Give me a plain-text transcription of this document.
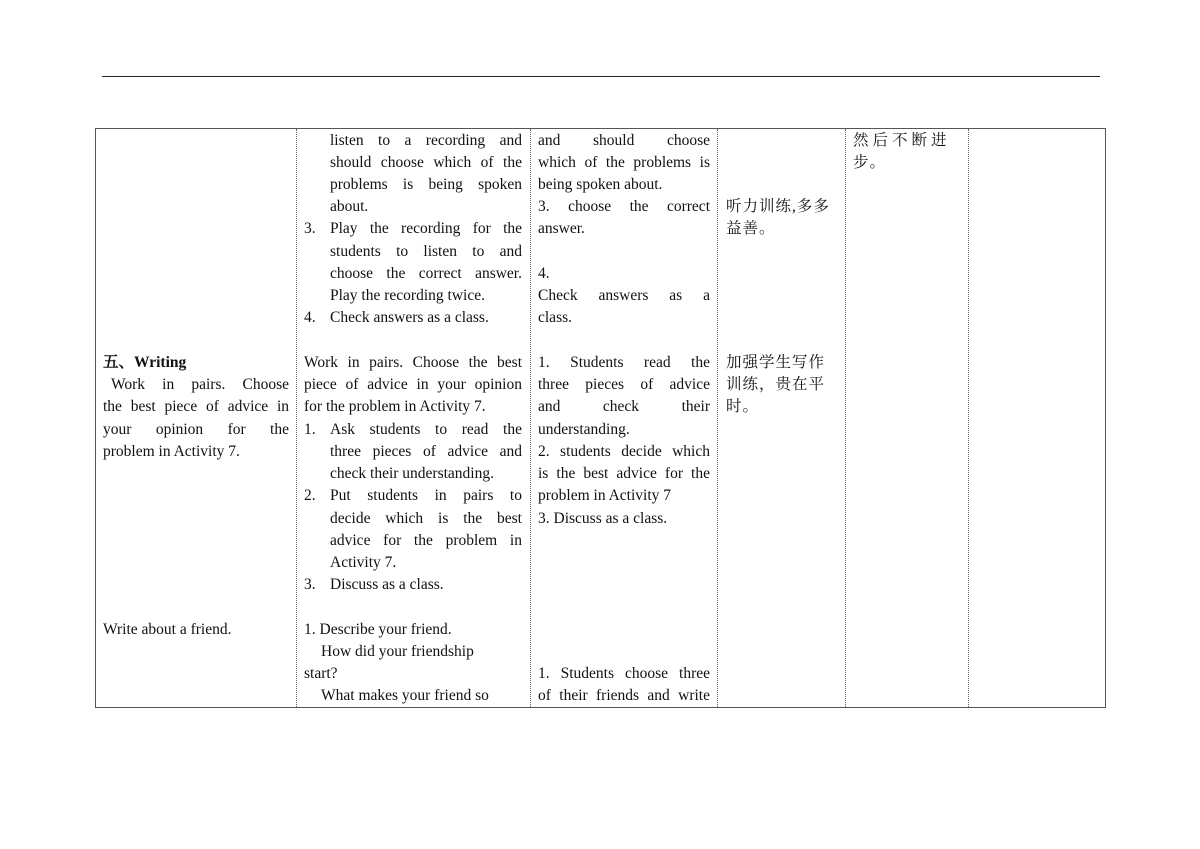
五、Writing
Work in pairs. Choose
the best piece of advice in
your opinion for the
problem in Activity 7.
Write about a friend.
listen to a recording and
should choose which of the
problems is being spoken
about.
3. Play the recording for the
students to listen to and
choose the correct answer.
Play the recording twice.
4. Check answers as a class.
Work in pairs. Choose the best
piece of advice in your opinion
for the problem in Activity 7.
1. Ask students to read the
three pieces of advice and
check their understanding.
2. Put students in pairs to
decide which is the best
advice for the problem in
Activity 7.
3. Discuss as a class.
1. Describe your friend.
How did your friendship
start?
What makes your friend so
and should choose
which of the problems is
being spoken about.
3. choose the correct
answer.
4.
Check answers as a
class.
1. Students read the
three pieces of advice
and check their
understanding.
2. students decide which
is the best advice for the
problem in Activity 7
3. Discuss as a class.
1. Students choose three
of their friends and write
听力训练,多多
益善。
加强学生写作
训练，贵在平
时。
然后不断进
步。
